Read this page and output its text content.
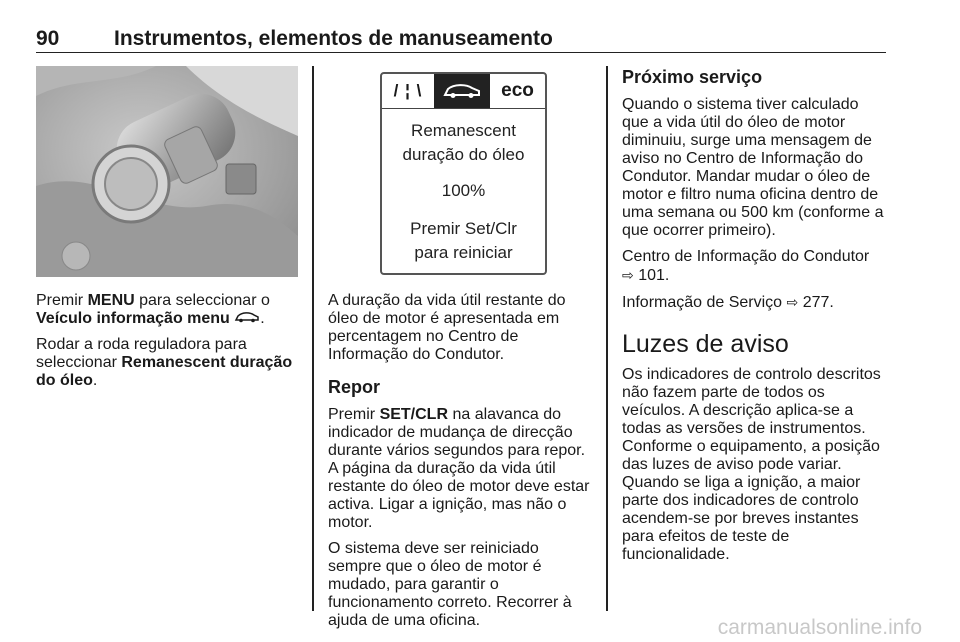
90	Instrumentos, elementos de manuseamento

Premir MENU para seleccionar o
Veículo informação menu .

Rodar a roda reguladora para seleccionar Remanescent duração do óleo.

/ ¦ \	eco
Remanescent
duração do óleo
100%
Premir Set/Clr
para reiniciar

A duração da vida útil restante do óleo de motor é apresentada em percentagem no Centro de Informação do Condutor.

Repor

Premir SET/CLR na alavanca do indicador de mudança de direcção durante vários segundos para repor. A página da duração da vida útil restante do óleo de motor deve estar activa. Ligar a ignição, mas não o motor.

O sistema deve ser reiniciado sempre que o óleo de motor é mudado, para garantir o funcionamento correto. Recorrer à ajuda de uma oficina.

Próximo serviço

Quando o sistema tiver calculado que a vida útil do óleo de motor diminuiu, surge uma mensagem de aviso no Centro de Informação do Condutor. Mandar mudar o óleo de motor e filtro numa oficina dentro de uma semana ou 500 km (conforme a que ocorrer primeiro).

Centro de Informação do Condutor
⇨ 101.

Informação de Serviço ⇨ 277.

Luzes de aviso

Os indicadores de controlo descritos não fazem parte de todos os veículos. A descrição aplica-se a todas as versões de instrumentos. Conforme o equipamento, a posição das luzes de aviso pode variar. Quando se liga a ignição, a maior parte dos indicadores de controlo acendem-se por breves instantes para efeitos de teste de funcionalidade.

carmanualsonline.info
